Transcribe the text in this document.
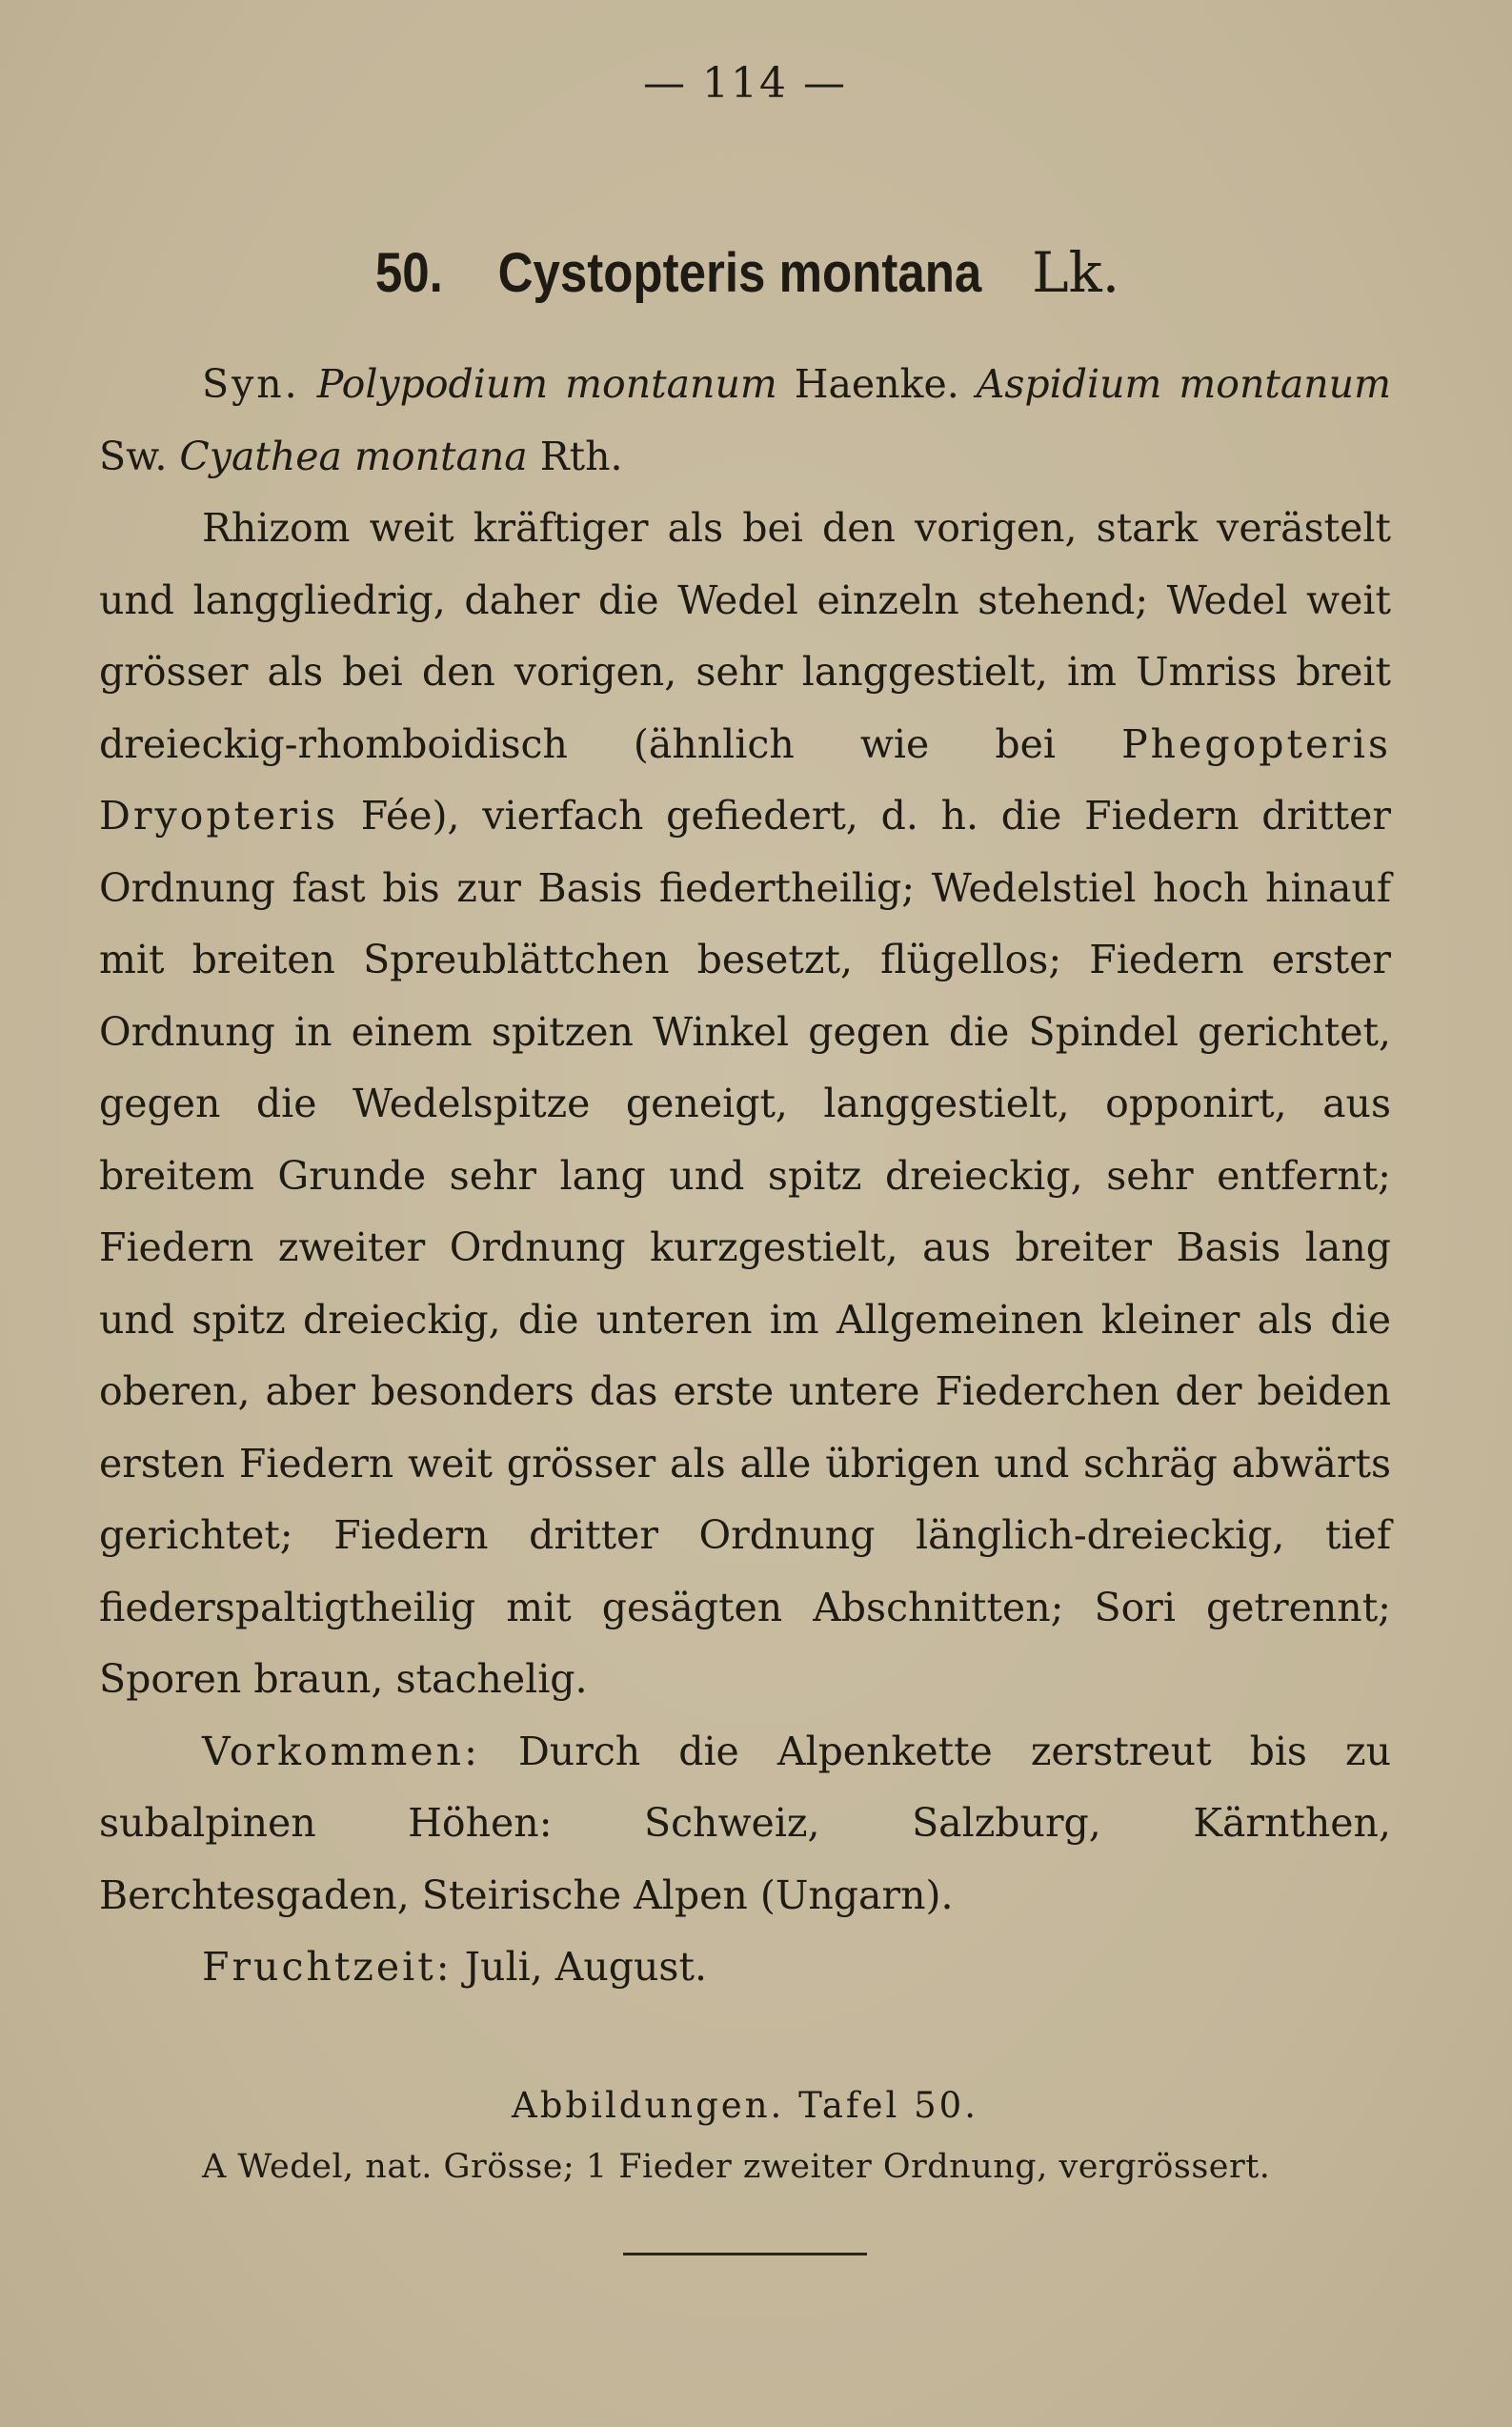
— 114 —
50. Cystopteris montana Lk.

Syn. Polypodium montanum Haenke. Aspidium montanum Sw. Cyathea montana Rth.

Rhizom weit kräftiger als bei den vorigen, stark verästelt und langgliedrig, daher die Wedel einzeln stehend; Wedel weit grösser als bei den vorigen, sehr langgestielt, im Umriss breit dreieckig-rhomboidisch (ähnlich wie bei Phegopteris Dryopteris Fée), vierfach gefiedert, d. h. die Fiedern dritter Ordnung fast bis zur Basis fiedertheilig; Wedelstiel hoch hinauf mit breiten Spreublättchen besetzt, flügellos; Fiedern erster Ordnung in einem spitzen Winkel gegen die Spindel gerichtet, gegen die Wedelspitze geneigt, langgestielt, opponirt, aus breitem Grunde sehr lang und spitz dreieckig, sehr entfernt; Fiedern zweiter Ordnung kurzgestielt, aus breiter Basis lang und spitz dreieckig, die unteren im Allgemeinen kleiner als die oberen, aber besonders das erste untere Fiederchen der beiden ersten Fiedern weit grösser als alle übrigen und schräg abwärts gerichtet; Fiedern dritter Ordnung länglich-dreieckig, tief fiederspaltigtheilig mit gesägten Abschnitten; Sori getrennt; Sporen braun, stachelig.

Vorkommen: Durch die Alpenkette zerstreut bis zu subalpinen Höhen: Schweiz, Salzburg, Kärnthen, Berchtesgaden, Steirische Alpen (Ungarn).

Fruchtzeit: Juli, August.

Abbildungen. Tafel 50.
A Wedel, nat. Grösse; 1 Fieder zweiter Ordnung, vergrössert.
